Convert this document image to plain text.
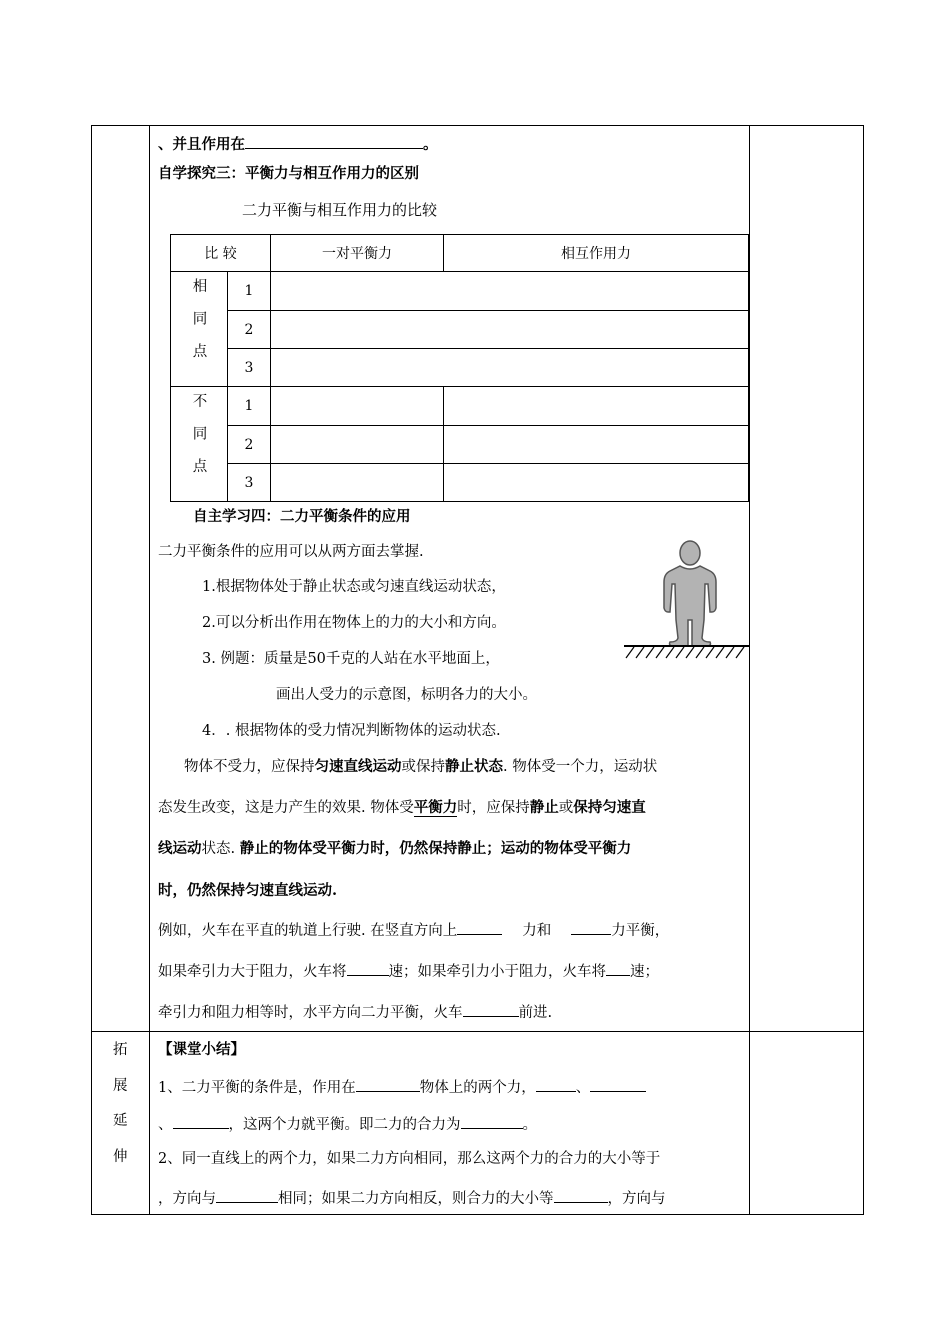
、并且作用在	。
自学探究三：平衡力与相互作用力的区别
二力平衡与相互作用力的比较
比 较		一对平衡力	相互作用力
相同点	1		
	2		
	3		
不同点	1		
	2		
	3		
自主学习四：二力平衡条件的应用
二力平衡条件的应用可以从两方面去掌握.
1.根据物体处于静止状态或匀速直线运动状态，
2.可以分析出作用在物体上的力的大小和方向。
3. 例题：质量是50千克的人站在水平地面上，
画出人受力的示意图，标明各力的大小。
4．. 根据物体的受力情况判断物体的运动状态.
物体不受力，应保持匀速直线运动或保持静止状态. 物体受一个力，运动状
态发生改变，这是力产生的效果. 物体受平衡力时，应保持静止或保持匀速直
线运动状态. 静止的物体受平衡力时，仍然保持静止；运动的物体受平衡力
时，仍然保持匀速直线运动.
例如，火车在平直的轨道上行驶. 在竖直方向上	力和	力平衡，
如果牵引力大于阻力，火车将	速；如果牵引力小于阻力，火车将 速；
牵引力和阻力相等时，水平方向二力平衡，火车	前进.
拓
展
延
伸
【课堂小结】
1、二力平衡的条件是，作用在	物体上的两个力，	、
、	，这两个力就平衡。即二力的合力为	。
2、同一直线上的两个力，如果二力方向相同，那么这两个力的合力的大小等于
，方向与	相同；如果二力方向相反，则合力的大小等	，方向与
